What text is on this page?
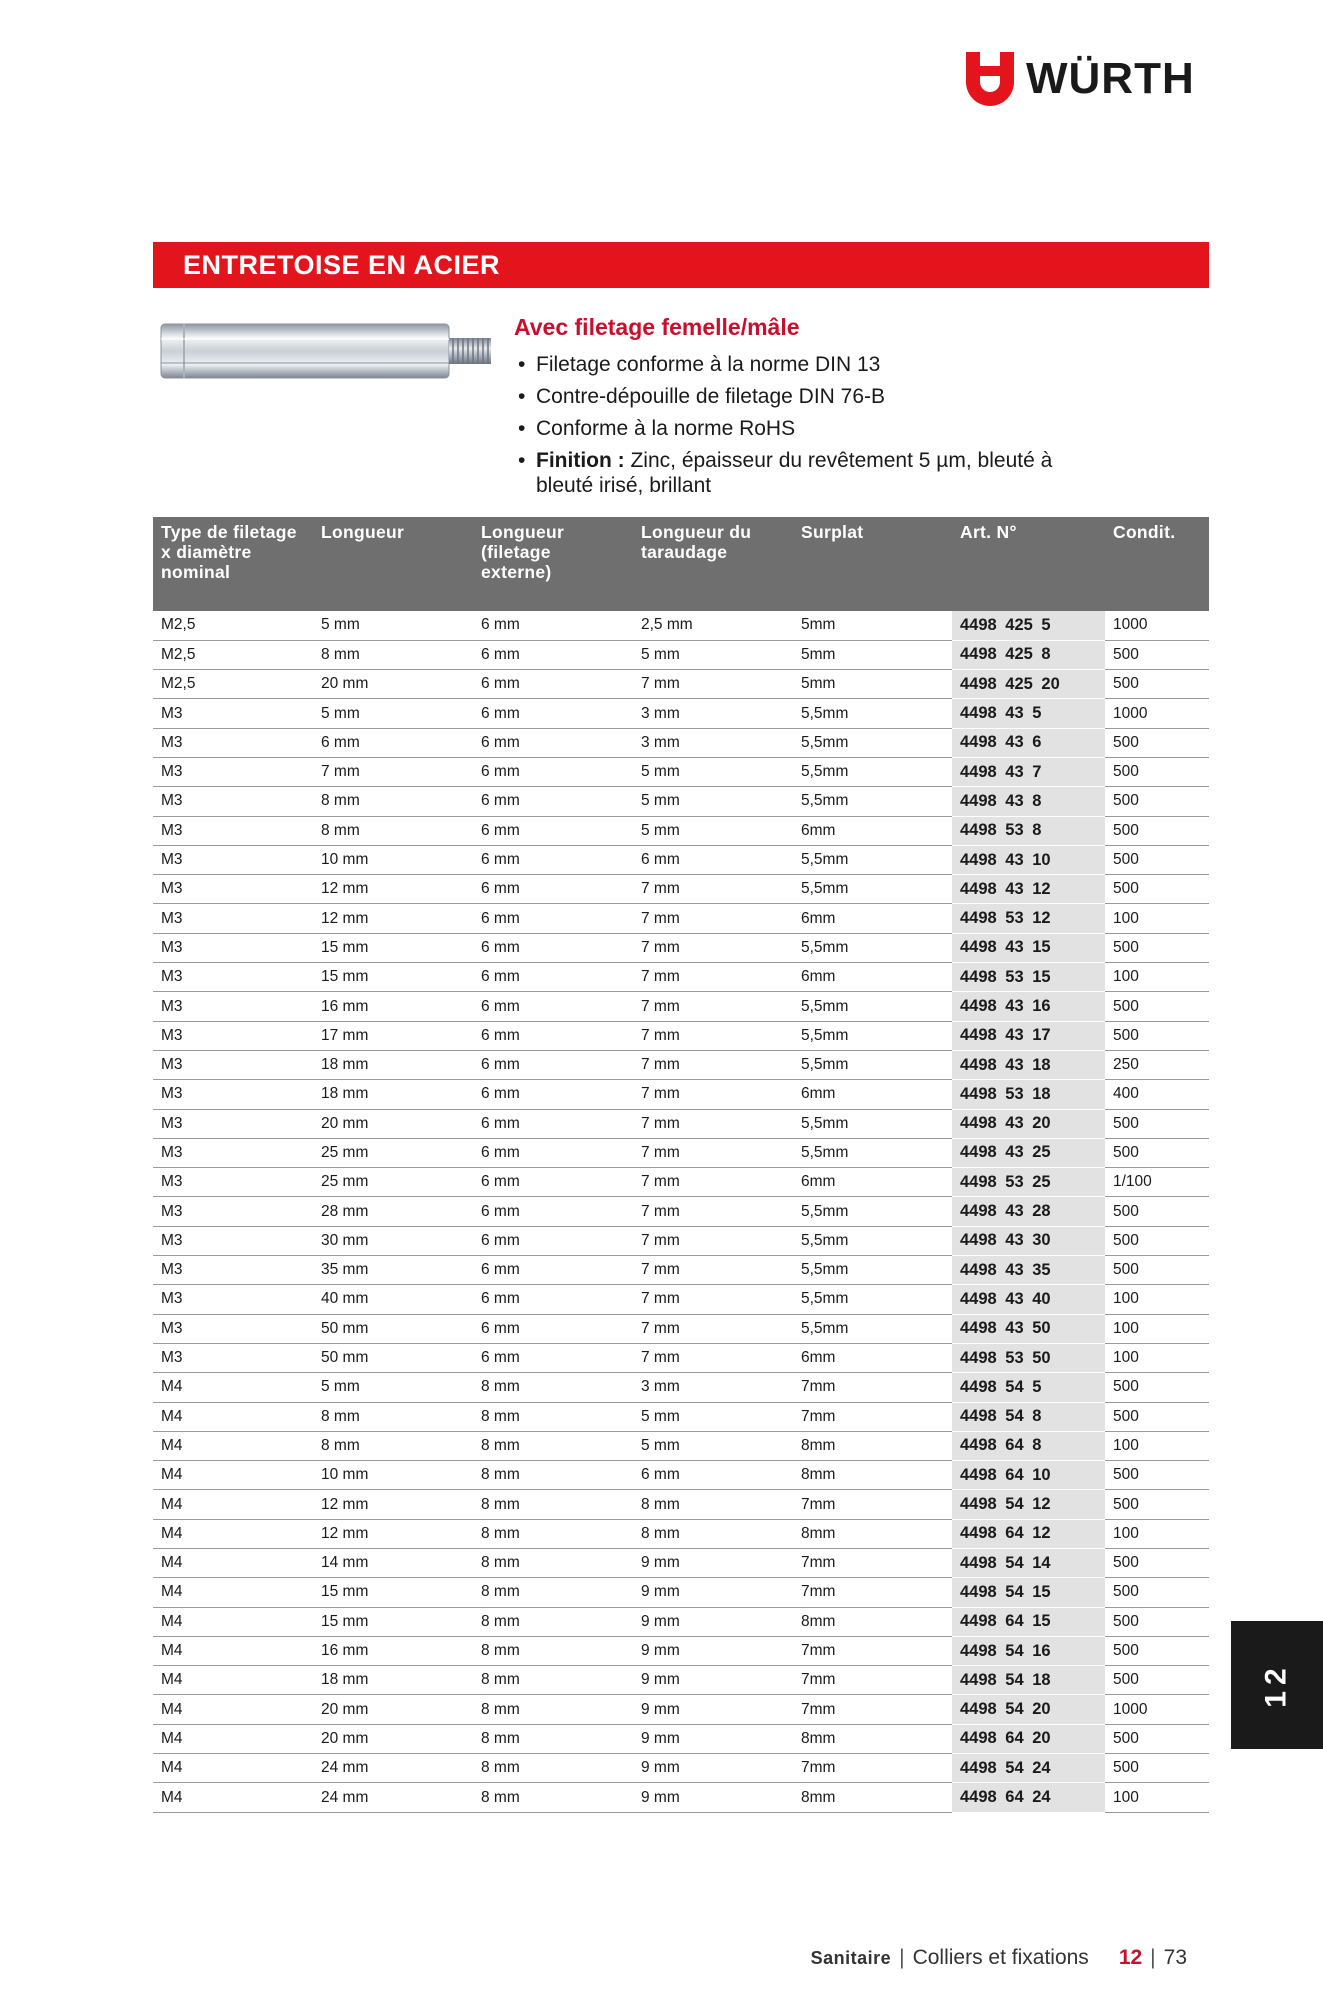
WÜRTH
ENTRETOISE EN ACIER
Avec filetage femelle/mâle
• Filetage conforme à la norme DIN 13
• Contre-dépouille de filetage DIN 76-B
• Conforme à la norme RoHS
• Finition : Zinc, épaisseur du revêtement 5 µm, bleuté à bleuté irisé, brillant
Type de filetage x diamètre nominal	Longueur	Longueur (filetage externe)	Longueur du taraudage	Surplat	Art. N°	Condit.
M2,5	5 mm	6 mm	2,5 mm	5mm	4498 425 5	1000
M2,5	8 mm	6 mm	5 mm	5mm	4498 425 8	500
M2,5	20 mm	6 mm	7 mm	5mm	4498 425 20	500
M3	5 mm	6 mm	3 mm	5,5mm	4498 43 5	1000
M3	6 mm	6 mm	3 mm	5,5mm	4498 43 6	500
M3	7 mm	6 mm	5 mm	5,5mm	4498 43 7	500
M3	8 mm	6 mm	5 mm	5,5mm	4498 43 8	500
M3	8 mm	6 mm	5 mm	6mm	4498 53 8	500
M3	10 mm	6 mm	6 mm	5,5mm	4498 43 10	500
M3	12 mm	6 mm	7 mm	5,5mm	4498 43 12	500
M3	12 mm	6 mm	7 mm	6mm	4498 53 12	100
M3	15 mm	6 mm	7 mm	5,5mm	4498 43 15	500
M3	15 mm	6 mm	7 mm	6mm	4498 53 15	100
M3	16 mm	6 mm	7 mm	5,5mm	4498 43 16	500
M3	17 mm	6 mm	7 mm	5,5mm	4498 43 17	500
M3	18 mm	6 mm	7 mm	5,5mm	4498 43 18	250
M3	18 mm	6 mm	7 mm	6mm	4498 53 18	400
M3	20 mm	6 mm	7 mm	5,5mm	4498 43 20	500
M3	25 mm	6 mm	7 mm	5,5mm	4498 43 25	500
M3	25 mm	6 mm	7 mm	6mm	4498 53 25	1/100
M3	28 mm	6 mm	7 mm	5,5mm	4498 43 28	500
M3	30 mm	6 mm	7 mm	5,5mm	4498 43 30	500
M3	35 mm	6 mm	7 mm	5,5mm	4498 43 35	500
M3	40 mm	6 mm	7 mm	5,5mm	4498 43 40	100
M3	50 mm	6 mm	7 mm	5,5mm	4498 43 50	100
M3	50 mm	6 mm	7 mm	6mm	4498 53 50	100
M4	5 mm	8 mm	3 mm	7mm	4498 54 5	500
M4	8 mm	8 mm	5 mm	7mm	4498 54 8	500
M4	8 mm	8 mm	5 mm	8mm	4498 64 8	100
M4	10 mm	8 mm	6 mm	8mm	4498 64 10	500
M4	12 mm	8 mm	8 mm	7mm	4498 54 12	500
M4	12 mm	8 mm	8 mm	8mm	4498 64 12	100
M4	14 mm	8 mm	9 mm	7mm	4498 54 14	500
M4	15 mm	8 mm	9 mm	7mm	4498 54 15	500
M4	15 mm	8 mm	9 mm	8mm	4498 64 15	500
M4	16 mm	8 mm	9 mm	7mm	4498 54 16	500
M4	18 mm	8 mm	9 mm	7mm	4498 54 18	500
M4	20 mm	8 mm	9 mm	7mm	4498 54 20	1000
M4	20 mm	8 mm	9 mm	8mm	4498 64 20	500
M4	24 mm	8 mm	9 mm	7mm	4498 54 24	500
M4	24 mm	8 mm	9 mm	8mm	4498 64 24	100
12
Sanitaire | Colliers et fixations 12 | 73
